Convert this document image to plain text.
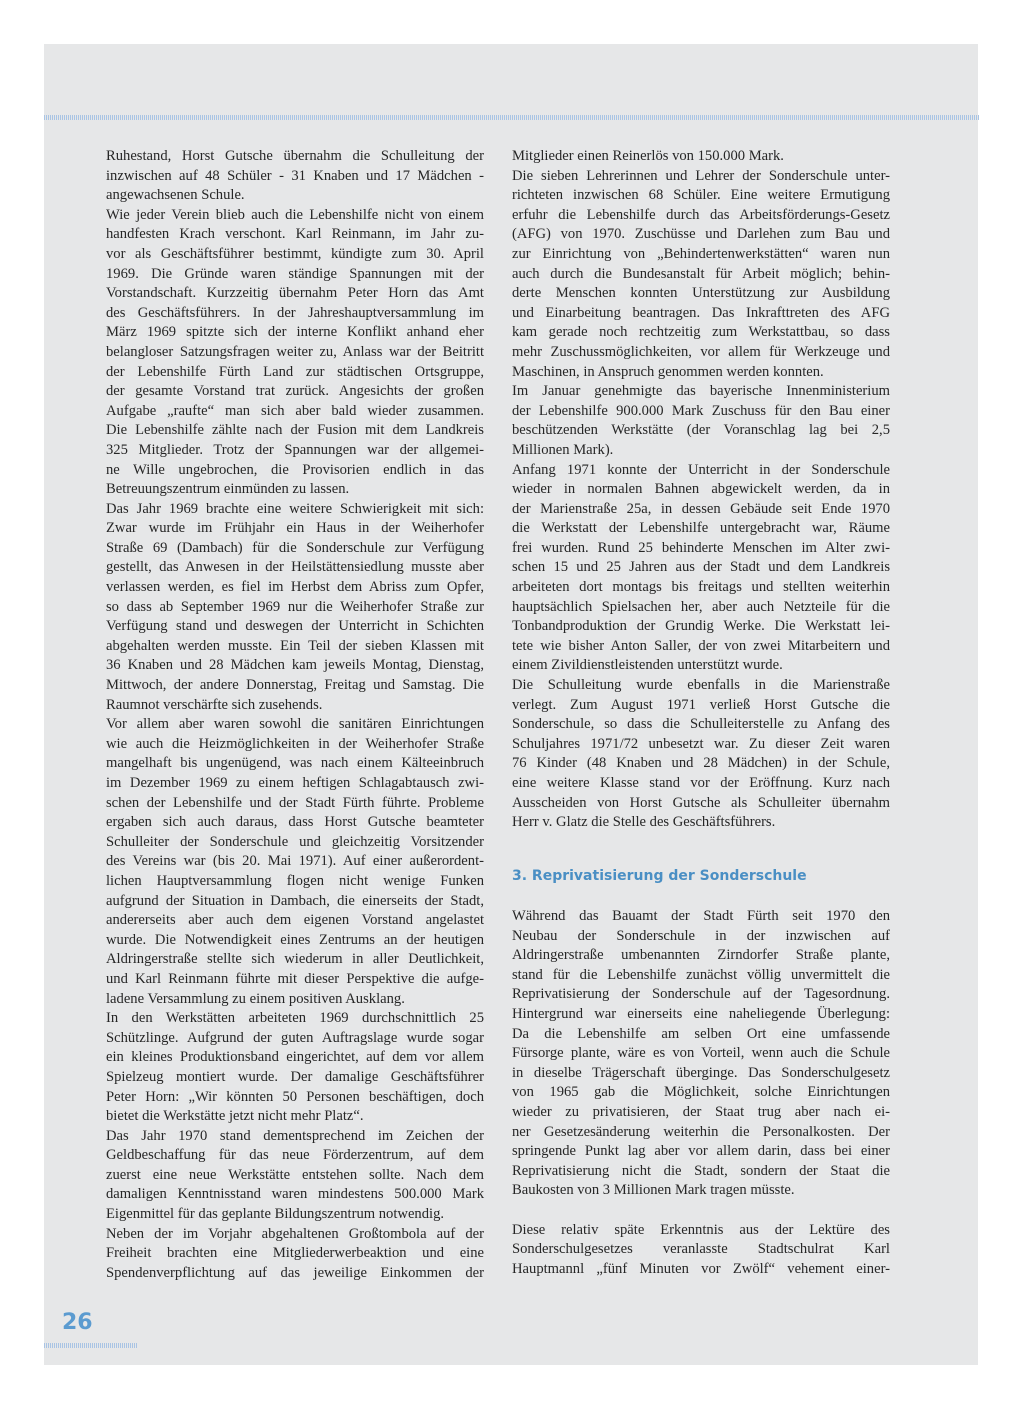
Ruhestand, Horst Gutsche übernahm die Schulleitung der
inzwischen auf 48 Schüler - 31 Knaben und 17 Mädchen -
angewachsenen Schule.
Wie jeder Verein blieb auch die Lebenshilfe nicht von einem
handfesten Krach verschont. Karl Reinmann, im Jahr zu-
vor als Geschäftsführer bestimmt, kündigte zum 30. April
1969. Die Gründe waren ständige Spannungen mit der
Vorstandschaft. Kurzzeitig übernahm Peter Horn das Amt
des Geschäftsführers. In der Jahreshauptversammlung im
März 1969 spitzte sich der interne Konflikt anhand eher
belangloser Satzungsfragen weiter zu, Anlass war der Beitritt
der Lebenshilfe Fürth Land zur städtischen Ortsgruppe,
der gesamte Vorstand trat zurück. Angesichts der großen
Aufgabe „raufte“ man sich aber bald wieder zusammen.
Die Lebenshilfe zählte nach der Fusion mit dem Landkreis
325 Mitglieder. Trotz der Spannungen war der allgemei-
ne Wille ungebrochen, die Provisorien endlich in das
Betreuungszentrum einmünden zu lassen.
Das Jahr 1969 brachte eine weitere Schwierigkeit mit sich:
Zwar wurde im Frühjahr ein Haus in der Weiherhofer
Straße 69 (Dambach) für die Sonderschule zur Verfügung
gestellt, das Anwesen in der Heilstättensiedlung musste aber
verlassen werden, es fiel im Herbst dem Abriss zum Opfer,
so dass ab September 1969 nur die Weiherhofer Straße zur
Verfügung stand und deswegen der Unterricht in Schichten
abgehalten werden musste. Ein Teil der sieben Klassen mit
36 Knaben und 28 Mädchen kam jeweils Montag, Dienstag,
Mittwoch, der andere Donnerstag, Freitag und Samstag. Die
Raumnot verschärfte sich zusehends.
Vor allem aber waren sowohl die sanitären Einrichtungen
wie auch die Heizmöglichkeiten in der Weiherhofer Straße
mangelhaft bis ungenügend, was nach einem Kälteeinbruch
im Dezember 1969 zu einem heftigen Schlagabtausch zwi-
schen der Lebenshilfe und der Stadt Fürth führte. Probleme
ergaben sich auch daraus, dass Horst Gutsche beamteter
Schulleiter der Sonderschule und gleichzeitig Vorsitzender
des Vereins war (bis 20. Mai 1971). Auf einer außerordent-
lichen Hauptversammlung flogen nicht wenige Funken
aufgrund der Situation in Dambach, die einerseits der Stadt,
andererseits aber auch dem eigenen Vorstand angelastet
wurde. Die Notwendigkeit eines Zentrums an der heutigen
Aldringerstraße stellte sich wiederum in aller Deutlichkeit,
und Karl Reinmann führte mit dieser Perspektive die aufge-
ladene Versammlung zu einem positiven Ausklang.
In den Werkstätten arbeiteten 1969 durchschnittlich 25
Schützlinge. Aufgrund der guten Auftragslage wurde sogar
ein kleines Produktionsband eingerichtet, auf dem vor allem
Spielzeug montiert wurde. Der damalige Geschäftsführer
Peter Horn: „Wir könnten 50 Personen beschäftigen, doch
bietet die Werkstätte jetzt nicht mehr Platz“.
Das Jahr 1970 stand dementsprechend im Zeichen der
Geldbeschaffung für das neue Förderzentrum, auf dem
zuerst eine neue Werkstätte entstehen sollte. Nach dem
damaligen Kenntnisstand waren mindestens 500.000 Mark
Eigenmittel für das geplante Bildungszentrum notwendig.
Neben der im Vorjahr abgehaltenen Großtombola auf der
Freiheit brachten eine Mitgliederwerbeaktion und eine
Spendenverpflichtung auf das jeweilige Einkommen der
Mitglieder einen Reinerlös von 150.000 Mark.
Die sieben Lehrerinnen und Lehrer der Sonderschule unter-
richteten inzwischen 68 Schüler. Eine weitere Ermutigung
erfuhr die Lebenshilfe durch das Arbeitsförderungs-Gesetz
(AFG) von 1970. Zuschüsse und Darlehen zum Bau und
zur Einrichtung von „Behindertenwerkstätten“ waren nun
auch durch die Bundesanstalt für Arbeit möglich; behin-
derte Menschen konnten Unterstützung zur Ausbildung
und Einarbeitung beantragen. Das Inkrafttreten des AFG
kam gerade noch rechtzeitig zum Werkstattbau, so dass
mehr Zuschussmöglichkeiten, vor allem für Werkzeuge und
Maschinen, in Anspruch genommen werden konnten.
Im Januar genehmigte das bayerische Innenministerium
der Lebenshilfe 900.000 Mark Zuschuss für den Bau einer
beschützenden Werkstätte (der Voranschlag lag bei 2,5
Millionen Mark).
Anfang 1971 konnte der Unterricht in der Sonderschule
wieder in normalen Bahnen abgewickelt werden, da in
der Marienstraße 25a, in dessen Gebäude seit Ende 1970
die Werkstatt der Lebenshilfe untergebracht war, Räume
frei wurden. Rund 25 behinderte Menschen im Alter zwi-
schen 15 und 25 Jahren aus der Stadt und dem Landkreis
arbeiteten dort montags bis freitags und stellten weiterhin
hauptsächlich Spielsachen her, aber auch Netzteile für die
Tonbandproduktion der Grundig Werke. Die Werkstatt lei-
tete wie bisher Anton Saller, der von zwei Mitarbeitern und
einem Zivildienstleistenden unterstützt wurde.
Die Schulleitung wurde ebenfalls in die Marienstraße
verlegt. Zum August 1971 verließ Horst Gutsche die
Sonderschule, so dass die Schulleiterstelle zu Anfang des
Schuljahres 1971/72 unbesetzt war. Zu dieser Zeit waren
76 Kinder (48 Knaben und 28 Mädchen) in der Schule,
eine weitere Klasse stand vor der Eröffnung. Kurz nach
Ausscheiden von Horst Gutsche als Schulleiter übernahm
Herr v. Glatz die Stelle des Geschäftsführers.
3. Reprivatisierung der Sonderschule
Während das Bauamt der Stadt Fürth seit 1970 den
Neubau der Sonderschule in der inzwischen auf
Aldringerstraße umbenannten Zirndorfer Straße plante,
stand für die Lebenshilfe zunächst völlig unvermittelt die
Reprivatisierung der Sonderschule auf der Tagesordnung.
Hintergrund war einerseits eine naheliegende Überlegung:
Da die Lebenshilfe am selben Ort eine umfassende
Fürsorge plante, wäre es von Vorteil, wenn auch die Schule
in dieselbe Trägerschaft überginge. Das Sonderschulgesetz
von 1965 gab die Möglichkeit, solche Einrichtungen
wieder zu privatisieren, der Staat trug aber nach ei-
ner Gesetzesänderung weiterhin die Personalkosten. Der
springende Punkt lag aber vor allem darin, dass bei einer
Reprivatisierung nicht die Stadt, sondern der Staat die
Baukosten von 3 Millionen Mark tragen müsste.
Diese relativ späte Erkenntnis aus der Lektüre des
Sonderschulgesetzes veranlasste Stadtschulrat Karl
Hauptmannl „fünf Minuten vor Zwölf“ vehement einer-
26
